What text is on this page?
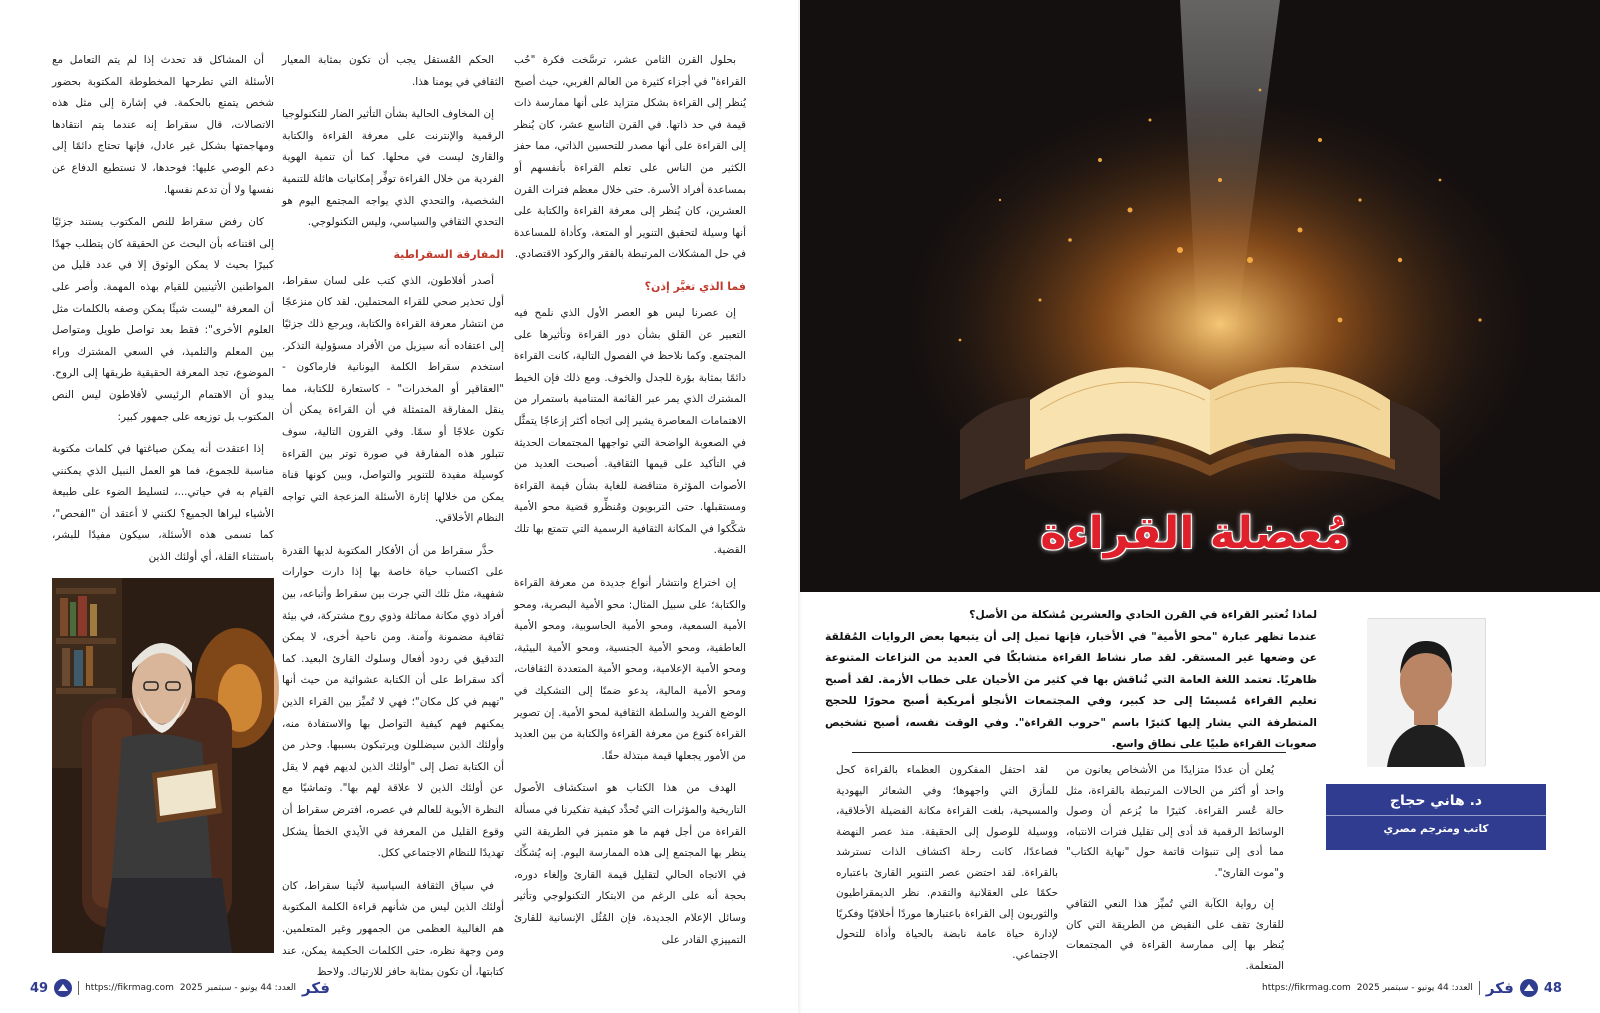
أن المشاكل قد تحدث إذا لم يتم التعامل مع الأسئلة التي تطرحها المخطوطة المكتوبة بحضور شخص يتمتع بالحكمة. في إشارة إلى مثل هذه الاتصالات، قال سقراط إنه عندما يتم انتقادها ومهاجمتها بشكل غير عادل، فإنها تحتاج دائمًا إلى دعم الوصي عليها: فوحدها، لا تستطيع الدفاع عن نفسها ولا أن تدعم نفسها.

كان رفض سقراط للنص المكتوب يستند جزئيًا إلى اقتناعه بأن البحث عن الحقيقة كان يتطلب جهدًا كبيرًا بحيث لا يمكن الوثوق إلا في عدد قليل من المواطنين الأثينيين للقيام بهذه المهمة. وأصر على أن المعرفة "ليست شيئًا يمكن وصفه بالكلمات مثل العلوم الأخرى": فقط بعد تواصل طويل ومتواصل بين المعلم والتلميذ، في السعي المشترك وراء الموضوع، تجد المعرفة الحقيقية طريقها إلى الروح. يبدو أن الاهتمام الرئيسي لأفلاطون ليس النص المكتوب بل توزيعه على جمهور كبير:

إذا اعتقدت أنه يمكن صياغتها في كلمات مكتوبة مناسبة للجموع، فما هو العمل النبيل الذي يمكنني القيام به في حياتي...، لتسليط الضوء على طبيعة الأشياء ليراها الجميع؟ لكنني لا أعتقد أن "الفحص"، كما تسمى هذه الأسئلة، سيكون مفيدًا للبشر، باستثناء القلة، أي أولئك الذين

الحكم المُستقل يجب أن تكون بمثابة المعيار الثقافي في يومنا هذا.

إن المخاوف الحالية بشأن التأثير الضار للتكنولوجيا الرقمية والإنترنت على معرفة القراءة والكتابة والقارئ ليست في محلها. كما أن تنمية الهوية الفردية من خلال القراءة توفِّر إمكانيات هائلة للتنمية الشخصية، والتحدي الذي يواجه المجتمع اليوم هو التحدي الثقافي والسياسي، وليس التكنولوجي.

المفارقة السقراطية

أصدر أفلاطون، الذي كتب على لسان سقراط، أول تحذير صحي للقراء المحتملين. لقد كان منزعجًا من انتشار معرفة القراءة والكتابة، ويرجع ذلك جزئيًا إلى اعتقاده أنه سيزيل من الأفراد مسؤولية التذكر. استخدم سقراط الكلمة اليونانية فارماكون - "العقاقير أو المخدرات" - كاستعارة للكتابة، مما ينقل المفارقة المتمثلة في أن القراءة يمكن أن تكون علاجًا أو سمًا. وفي القرون التالية، سوف تتبلور هذه المفارقة في صورة توتر بين القراءة كوسيلة مفيدة للتنوير والتواصل، وبين كونها قناة يمكن من خلالها إثارة الأسئلة المزعجة التي تواجه النظام الأخلاقي.

حذَّر سقراط من أن الأفكار المكتوبة لديها القدرة على اكتساب حياة خاصة بها إذا دارت حوارات شفهية، مثل تلك التي جرت بين سقراط وأتباعه، بين أفراد ذوي مكانة مماثلة وذوي روح مشتركة، في بيئة ثقافية مضمونة وآمنة. ومن ناحية أخرى، لا يمكن التدقيق في ردود أفعال وسلوك القارئ البعيد. كما أكد سقراط على أن الكتابة عشوائية من حيث أنها "تهيم في كل مكان"؛ فهي لا تُميِّز بين القراء الذين يمكنهم فهم كيفية التواصل بها والاستفادة منه، وأولئك الذين سيضللون ويرتبكون بسببها. وحذر من أن الكتابة تصل إلى "أولئك الذين لديهم فهم لا يقل عن أولئك الذين لا علاقة لهم بها". وتماشيًا مع النظرة الأبوية للعالم في عصره، افترض سقراط أن وقوع القليل من المعرفة في الأيدي الخطأ يشكل تهديدًا للنظام الاجتماعي ككل.

في سياق الثقافة السياسية لأثينا سقراط، كان أولئك الذين ليس من شأنهم قراءة الكلمة المكتوبة هم الغالبية العظمى من الجمهور وغير المتعلمين. ومن وجهة نظره، حتى الكلمات الحكيمة يمكن، عند كتابتها، أن تكون بمثابة حافز للارتباك. ولاحظ

بحلول القرن الثامن عشر، ترسَّخت فكرة "حُب القراءة" في أجزاء كثيرة من العالم الغربي، حيث أصبح يُنظر إلى القراءة بشكل متزايد على أنها ممارسة ذات قيمة في حد ذاتها. في القرن التاسع عشر، كان يُنظر إلى القراءة على أنها مصدر للتحسين الذاتي، مما حفز الكثير من الناس على تعلم القراءة بأنفسهم أو بمساعدة أفراد الأسرة. حتى خلال معظم فترات القرن العشرين، كان يُنظر إلى معرفة القراءة والكتابة على أنها وسيلة لتحقيق التنوير أو المتعة، وكأداة للمساعدة في حل المشكلات المرتبطة بالفقر والركود الاقتصادي.

فما الذي تغيَّر إذن؟

إن عصرنا ليس هو العصر الأول الذي نلمح فيه التعبير عن القلق بشأن دور القراءة وتأثيرها على المجتمع. وكما نلاحظ في الفصول التالية، كانت القراءة دائمًا بمثابة بؤرة للجدل والخوف. ومع ذلك فإن الخيط المشترك الذي يمر عبر القائمة المتنامية باستمرار من الاهتمامات المعاصرة يشير إلى اتجاه أكثر إزعاجًا يتمثَّل في الصعوبة الواضحة التي تواجهها المجتمعات الحديثة في التأكيد على قيمها الثقافية. أصبحت العديد من الأصوات المؤثرة متناقضة للغاية بشأن قيمة القراءة ومستقبلها. حتى التربويون ومُنظِّرو قضية محو الأمية شكَّكوا في المكانة الثقافية الرسمية التي تتمتع بها تلك القضية.

إن اختراع وانتشار أنواع جديدة من معرفة القراءة والكتابة؛ على سبيل المثال: محو الأمية البصرية، ومحو الأمية السمعية، ومحو الأمية الحاسوبية، ومحو الأمية العاطفية، ومحو الأمية الجنسية، ومحو الأمية البيئية، ومحو الأمية الإعلامية، ومحو الأمية المتعددة الثقافات، ومحو الأمية المالية، يدعو ضمنًا إلى التشكيك في الوضع الفريد والسلطة الثقافية لمحو الأمية. إن تصوير القراءة كنوع من معرفة القراءة والكتابة من بين العديد من الأمور يجعلها قيمة مبتذلة حقًا.

الهدف من هذا الكتاب هو استكشاف الأصول التاريخية والمؤثرات التي تُحدِّد كيفية تفكيرنا في مسألة القراءة من أجل فهم ما هو متميز في الطريقة التي ينظر بها المجتمع إلى هذه الممارسة اليوم. إنه يُشكِّك في الاتجاه الحالي لتقليل قيمة القارئ وإلغاء دوره، بحجة أنه على الرغم من الابتكار التكنولوجي وتأثير وسائل الإعلام الجديدة، فإن المُثُل الإنسانية للقارئ التمييزي القادر على

49	https://fikrmag.com العدد: 44 يونيو - سبتمبر 2025 فكر
مُعضلة القراءة
لماذا تُعتبر القراءة في القرن الحادي والعشرين مُشكلة من الأصل؟
عندما تظهر عبارة "محو الأمية" في الأخبار، فإنها تميل إلى أن يتبعها بعض الروايات المُقلقة عن وضعها غير المستقر. لقد صار نشاط القراءة متشابكًا في العديد من النزاعات المتنوعة ظاهريًا. تعتمد اللغة العامة التي تُناقش بها في كثير من الأحيان على خطاب الأزمة. لقد أصبح تعليم القراءة مُسيسًا إلى حد كبير، وفي المجتمعات الأنجلو أمريكية أصبح محورًا للحجج المتطرفة التي يشار إليها كثيرًا باسم "حروب القراءة". وفي الوقت نفسه، أصبح تشخيص صعوبات القراءة طبيًا على نطاق واسع.
د. هاني حجاج
كاتب ومترجم مصري

يُعلن أن عددًا متزايدًا من الأشخاص يعانون من واحد أو أكثر من الحالات المرتبطة بالقراءة، مثل حالة عُسر القراءة. كثيرًا ما يُزعم أن وصول الوسائط الرقمية قد أدى إلى تقليل فترات الانتباه، مما أدى إلى تنبؤات قاتمة حول "نهاية الكتاب" و"موت القارئ".

إن رواية الكآبة التي تُميِّز هذا النعي الثقافي للقارئ تقف على النقيض من الطريقة التي كان يُنظر بها إلى ممارسة القراءة في المجتمعات المتعلمة.

لقد احتفل المفكرون العظماء بالقراءة كحل للمأزق التي واجهوها؛ وفي الشعائر اليهودية والمسيحية، بلغت القراءة مكانة الفضيلة الأخلاقية، ووسيلة للوصول إلى الحقيقة. منذ عصر النهضة فصاعدًا، كانت رحلة اكتشاف الذات تسترشد بالقراءة. لقد احتضن عصر التنوير القارئ باعتباره حكمًا على العقلانية والتقدم. نظر الديمقراطيون والثوريون إلى القراءة باعتبارها موردًا أخلاقيًا وفكريًا لإدارة حياة عامة نابضة بالحياة وأداة للتحول الاجتماعي.

العدد: 44 يونيو - سبتمبر 2025
https://fikrmag.com	فكر 48
